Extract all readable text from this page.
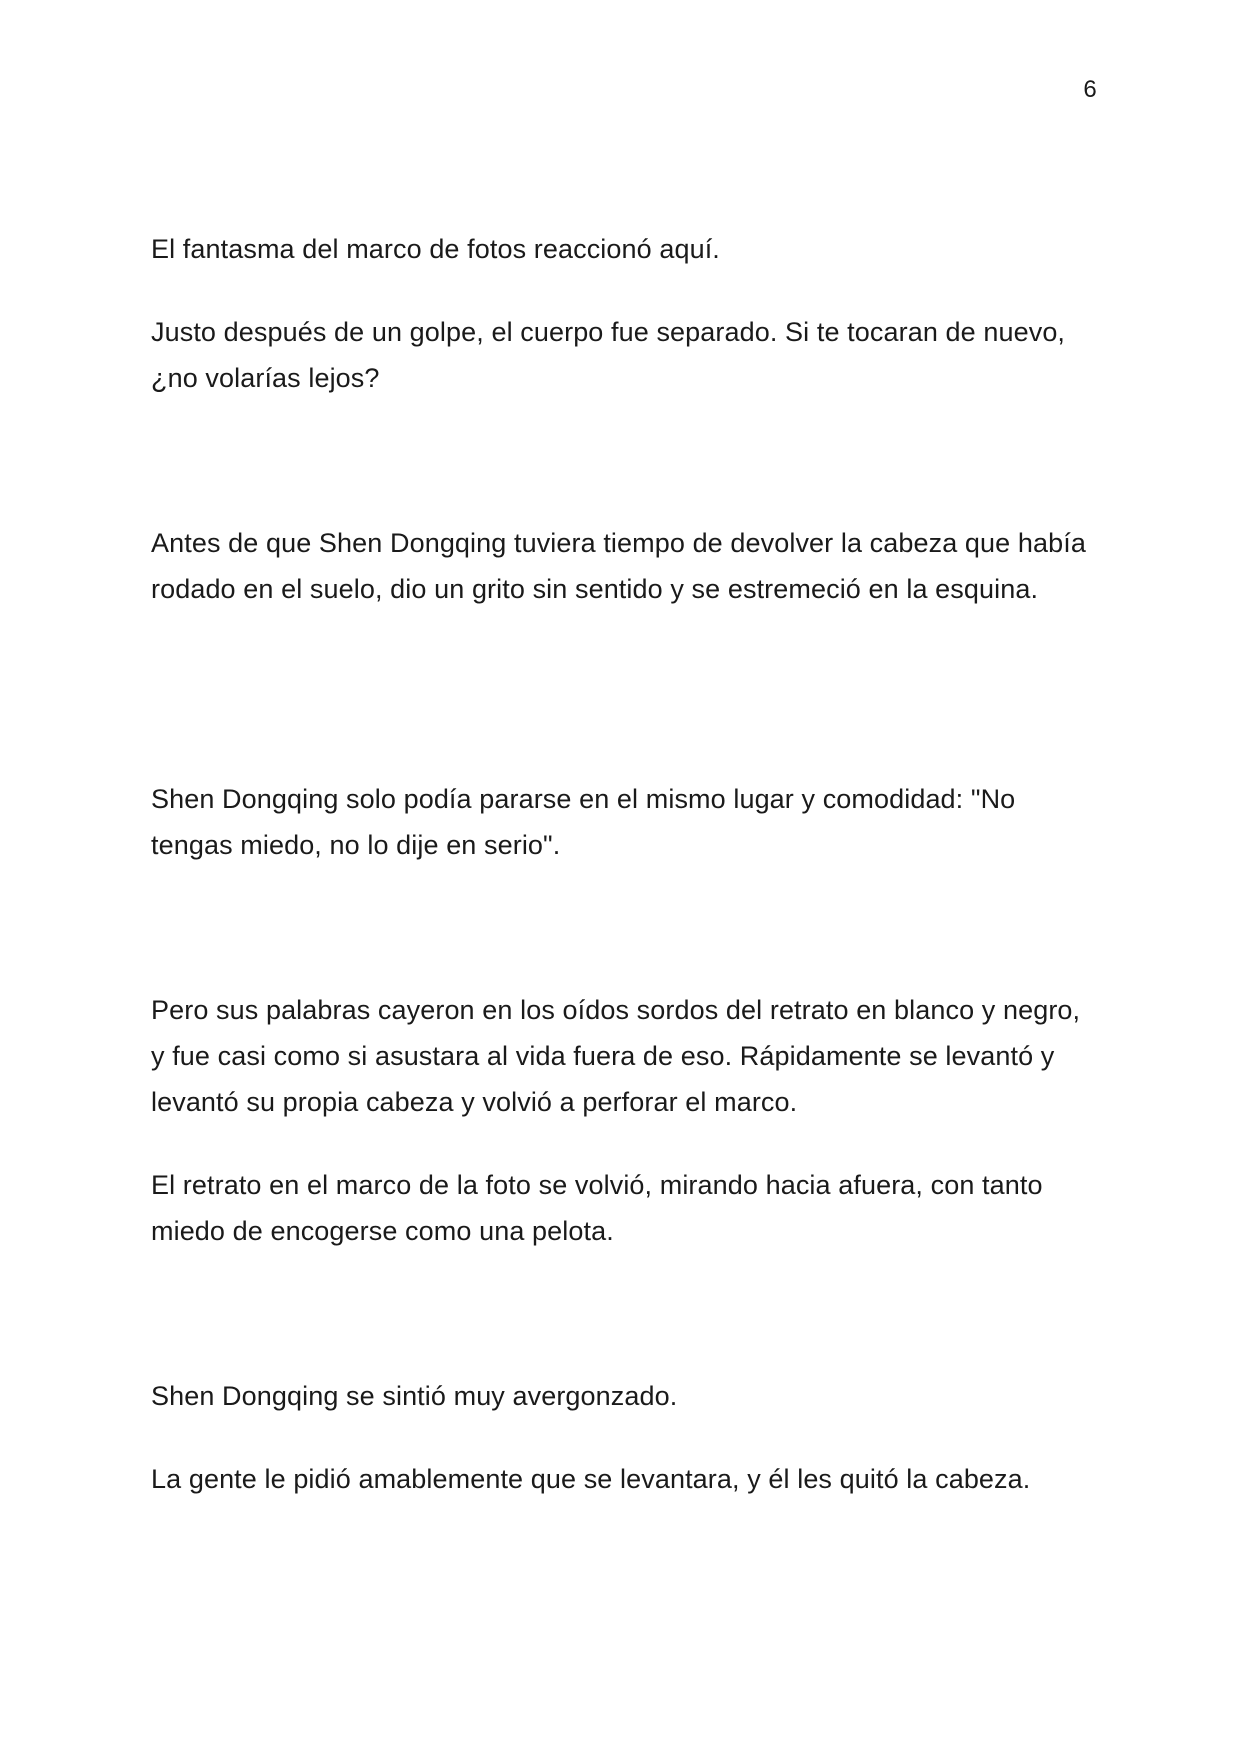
6

El fantasma del marco de fotos reaccionó aquí.

Justo después de un golpe, el cuerpo fue separado. Si te tocaran de nuevo, ¿no volarías lejos?

Antes de que Shen Dongqing tuviera tiempo de devolver la cabeza que había rodado en el suelo, dio un grito sin sentido y se estremeció en la esquina.

Shen Dongqing solo podía pararse en el mismo lugar y comodidad: "No tengas miedo, no lo dije en serio".

Pero sus palabras cayeron en los oídos sordos del retrato en blanco y negro, y fue casi como si asustara al vida fuera de eso. Rápidamente se levantó y levantó su propia cabeza y volvió a perforar el marco.

El retrato en el marco de la foto se volvió, mirando hacia afuera, con tanto miedo de encogerse como una pelota.

Shen Dongqing se sintió muy avergonzado.

La gente le pidió amablemente que se levantara, y él les quitó la cabeza.
